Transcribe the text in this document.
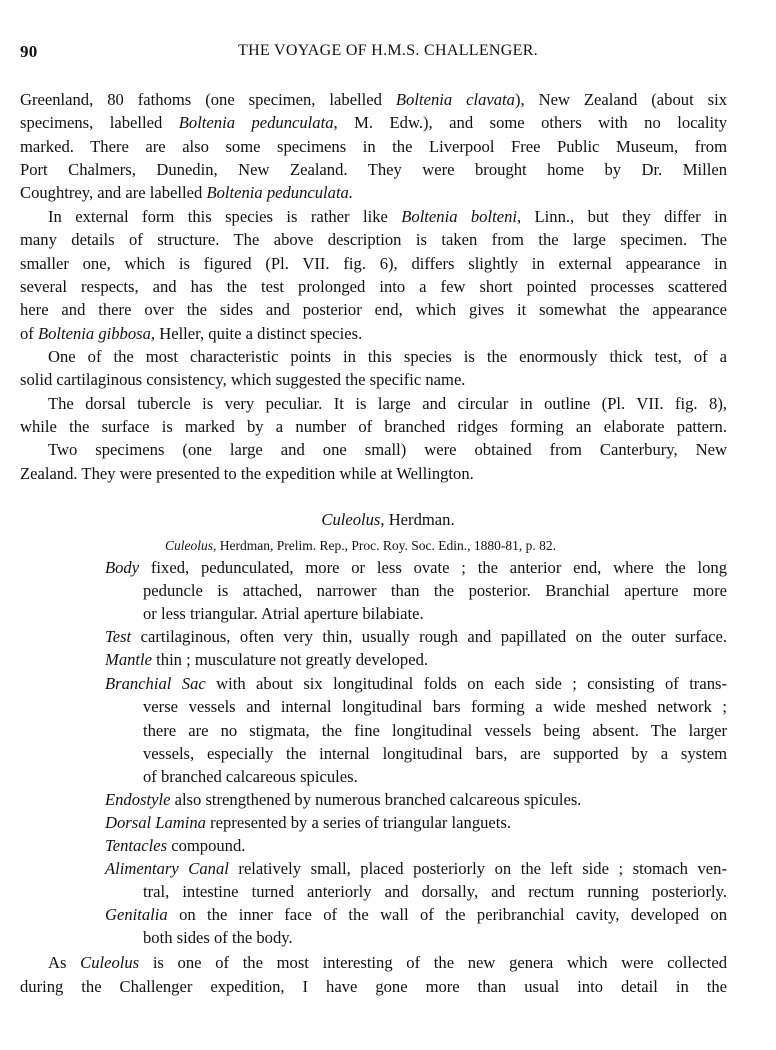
90	THE VOYAGE OF H.M.S. CHALLENGER.
Greenland, 80 fathoms (one specimen, labelled Boltenia clavata), New Zealand (about six
specimens, labelled Boltenia pedunculata, M. Edw.), and some others with no locality
marked. There are also some specimens in the Liverpool Free Public Museum, from
Port Chalmers, Dunedin, New Zealand. They were brought home by Dr. Millen
Coughtrey, and are labelled Boltenia pedunculata.
In external form this species is rather like Boltenia bolteni, Linn., but they differ in
many details of structure. The above description is taken from the large specimen. The
smaller one, which is figured (Pl. VII. fig. 6), differs slightly in external appearance in
several respects, and has the test prolonged into a few short pointed processes scattered
here and there over the sides and posterior end, which gives it somewhat the appearance
of Boltenia gibbosa, Heller, quite a distinct species.
One of the most characteristic points in this species is the enormously thick test, of a
solid cartilaginous consistency, which suggested the specific name.
The dorsal tubercle is very peculiar. It is large and circular in outline (Pl. VII. fig. 8),
while the surface is marked by a number of branched ridges forming an elaborate pattern.
Two specimens (one large and one small) were obtained from Canterbury, New
Zealand. They were presented to the expedition while at Wellington.
Culeolus, Herdman.
Culeolus, Herdman, Prelim. Rep., Proc. Roy. Soc. Edin., 1880-81, p. 82.
Body fixed, pedunculated, more or less ovate ; the anterior end, where the long
peduncle is attached, narrower than the posterior. Branchial aperture more
or less triangular. Atrial aperture bilabiate.
Test cartilaginous, often very thin, usually rough and papillated on the outer surface.
Mantle thin ; musculature not greatly developed.
Branchial Sac with about six longitudinal folds on each side ; consisting of trans-
verse vessels and internal longitudinal bars forming a wide meshed network ;
there are no stigmata, the fine longitudinal vessels being absent. The larger
vessels, especially the internal longitudinal bars, are supported by a system
of branched calcareous spicules.
Endostyle also strengthened by numerous branched calcareous spicules.
Dorsal Lamina represented by a series of triangular languets.
Tentacles compound.
Alimentary Canal relatively small, placed posteriorly on the left side ; stomach ven-
tral, intestine turned anteriorly and dorsally, and rectum running posteriorly.
Genitalia on the inner face of the wall of the peribranchial cavity, developed on
both sides of the body.
As Culeolus is one of the most interesting of the new genera which were collected
during the Challenger expedition, I have gone more than usual into detail in the
